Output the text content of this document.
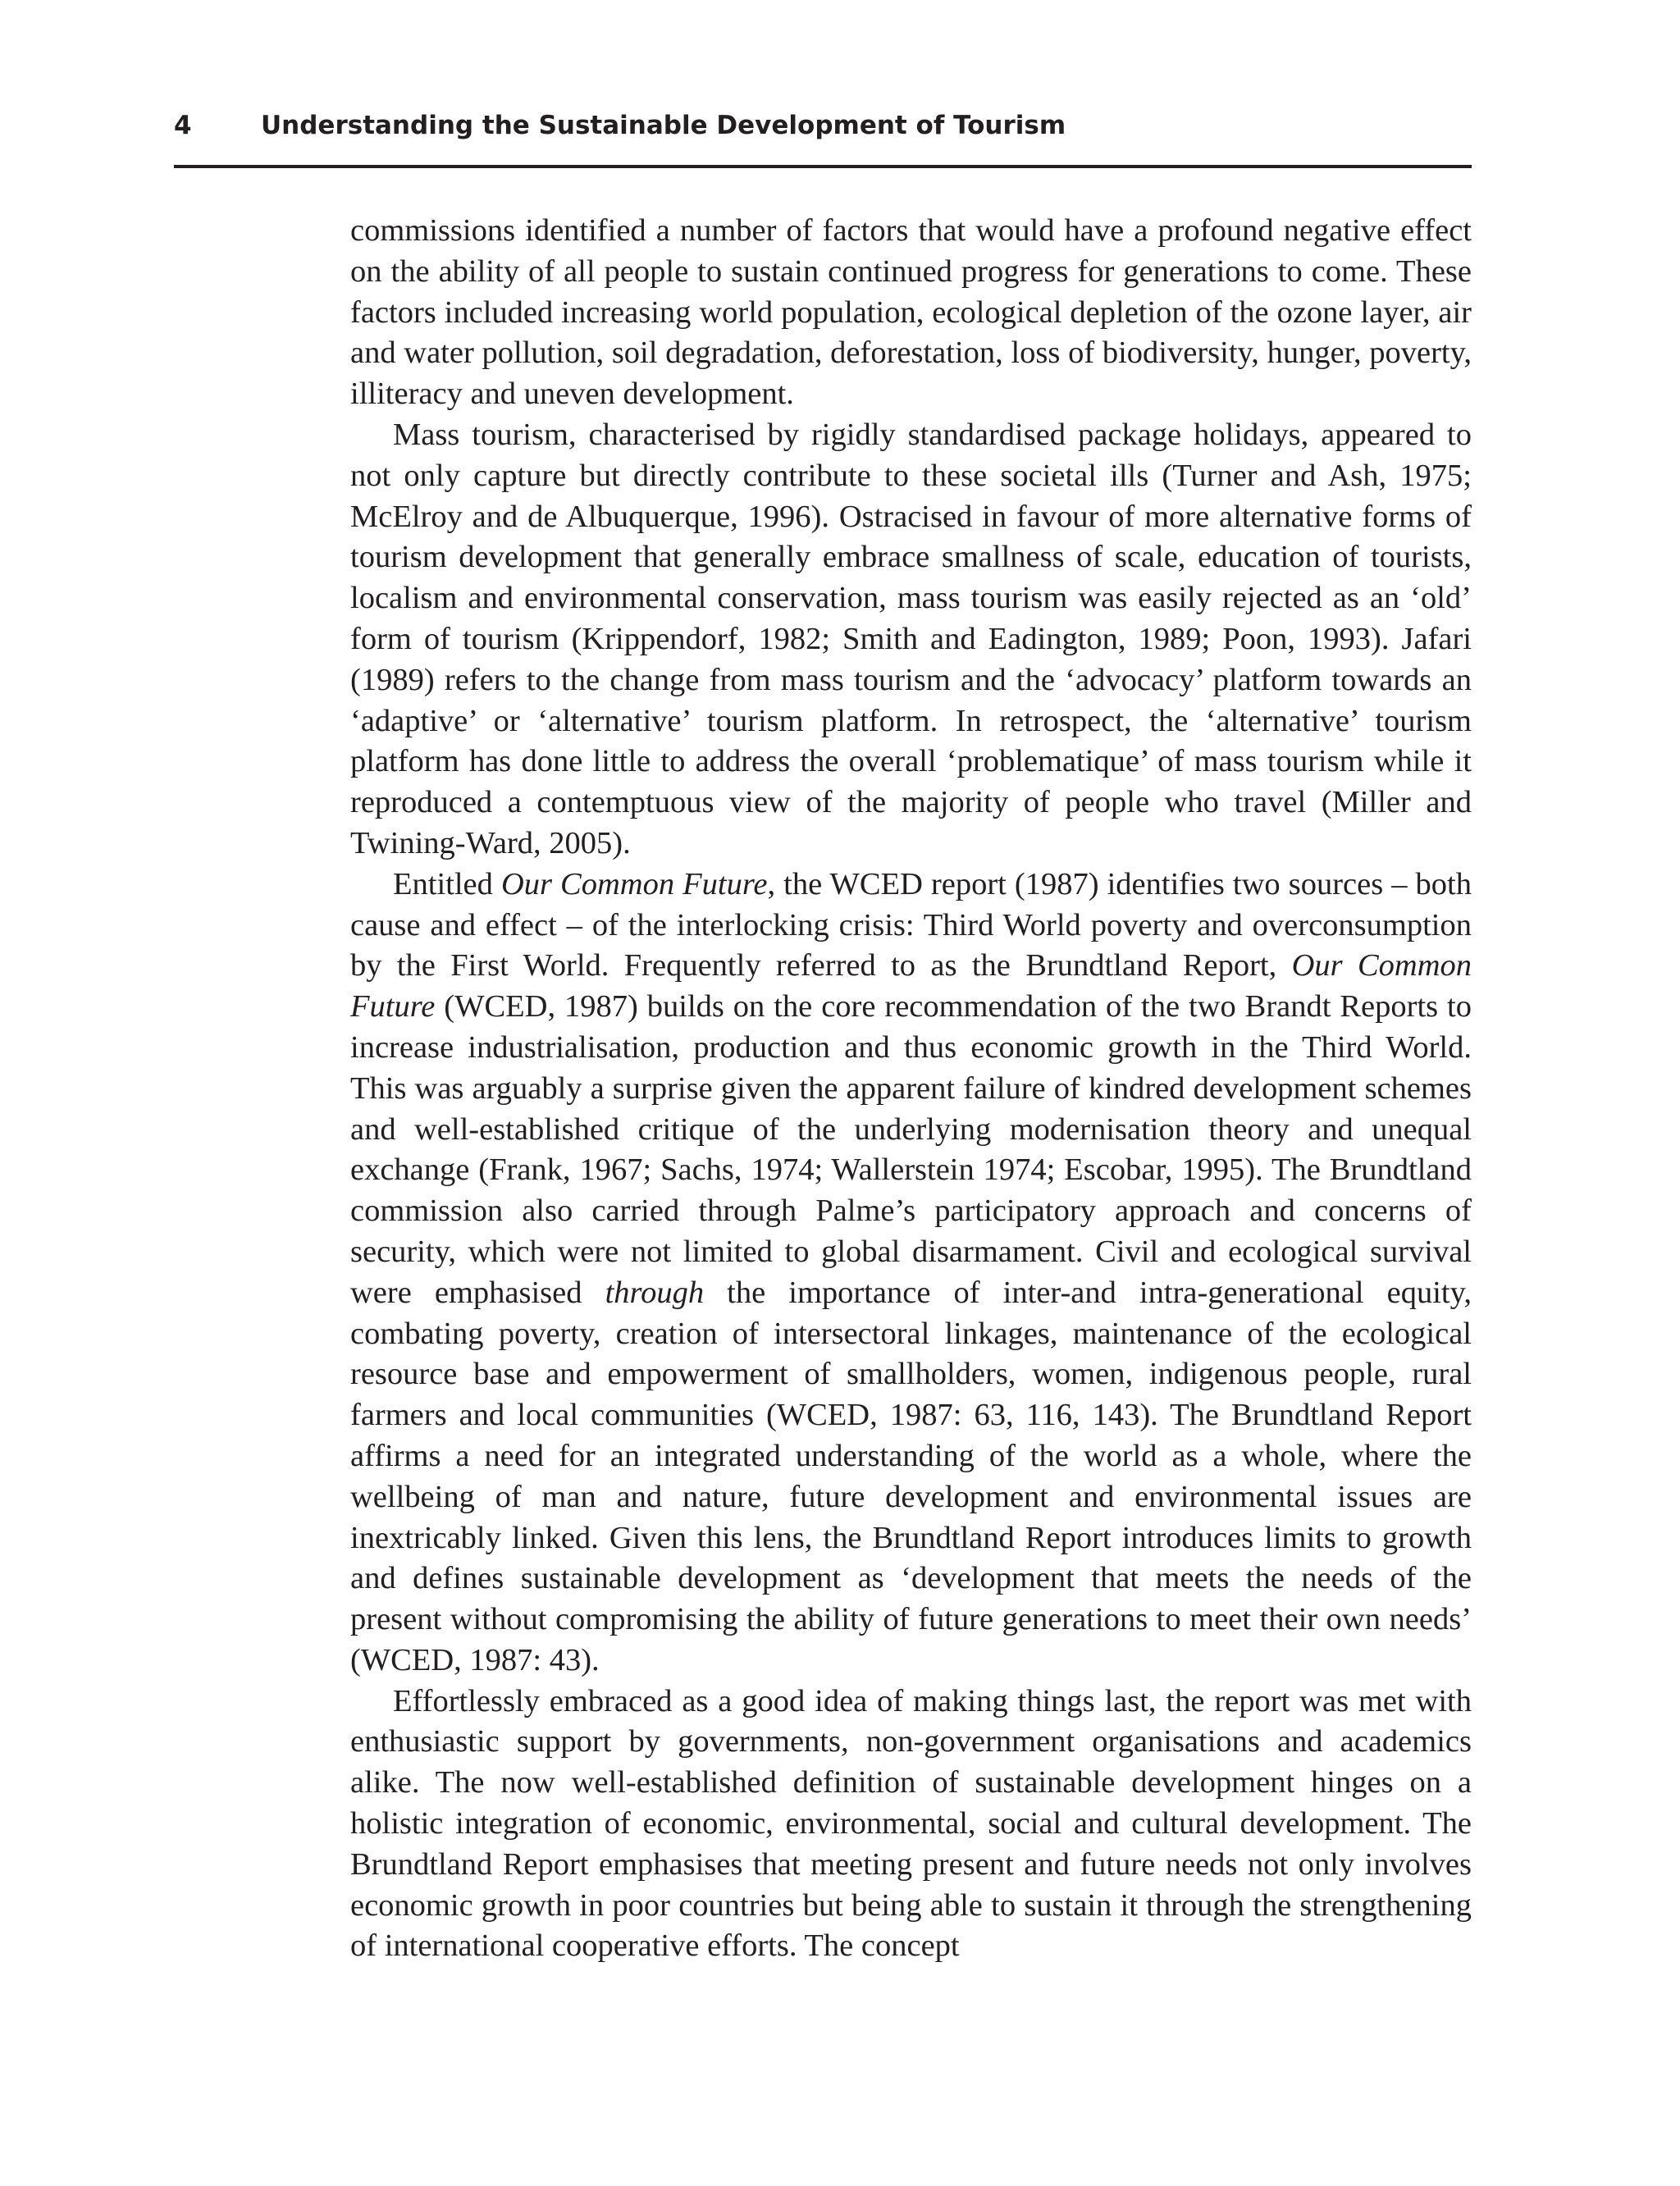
4	Understanding the Sustainable Development of Tourism

commissions identified a number of factors that would have a profound negative effect on the ability of all people to sustain continued progress for generations to come. These factors included increasing world population, ecological depletion of the ozone layer, air and water pollution, soil degradation, deforestation, loss of biodiversity, hunger, poverty, illiteracy and uneven development.

Mass tourism, characterised by rigidly standardised package holidays, appeared to not only capture but directly contribute to these societal ills (Turner and Ash, 1975; McElroy and de Albuquerque, 1996). Ostracised in favour of more alternative forms of tourism development that generally embrace smallness of scale, education of tourists, localism and environmental conservation, mass tourism was easily rejected as an ‘old’ form of tourism (Krippendorf, 1982; Smith and Eadington, 1989; Poon, 1993). Jafari (1989) refers to the change from mass tourism and the ‘advocacy’ platform towards an ‘adaptive’ or ‘alternative’ tourism platform. In retrospect, the ‘alternative’ tourism platform has done little to address the overall ‘problematique’ of mass tourism while it reproduced a contemptuous view of the majority of people who travel (Miller and Twining-Ward, 2005).

Entitled Our Common Future, the WCED report (1987) identifies two sources – both cause and effect – of the interlocking crisis: Third World poverty and overconsumption by the First World. Frequently referred to as the Brundtland Report, Our Common Future (WCED, 1987) builds on the core recommendation of the two Brandt Reports to increase industrialisation, production and thus economic growth in the Third World. This was arguably a surprise given the apparent failure of kindred development schemes and well-established critique of the underlying modernisation theory and unequal exchange (Frank, 1967; Sachs, 1974; Wallerstein 1974; Escobar, 1995). The Brundtland commission also carried through Palme’s participatory approach and concerns of security, which were not limited to global disarmament. Civil and ecological survival were emphasised through the importance of inter-and intra-generational equity, combating poverty, creation of intersectoral linkages, maintenance of the ecological resource base and empowerment of smallholders, women, indigenous people, rural farmers and local communities (WCED, 1987: 63, 116, 143). The Brundtland Report affirms a need for an integrated understanding of the world as a whole, where the wellbeing of man and nature, future development and environmental issues are inextricably linked. Given this lens, the Brundtland Report introduces limits to growth and defines sustainable development as ‘development that meets the needs of the present without compromising the ability of future generations to meet their own needs’ (WCED, 1987: 43).

Effortlessly embraced as a good idea of making things last, the report was met with enthusiastic support by governments, non-government organisations and academics alike. The now well-established definition of sustainable development hinges on a holistic integration of economic, environmental, social and cultural development. The Brundtland Report emphasises that meeting present and future needs not only involves economic growth in poor countries but being able to sustain it through the strengthening of international cooperative efforts. The concept
